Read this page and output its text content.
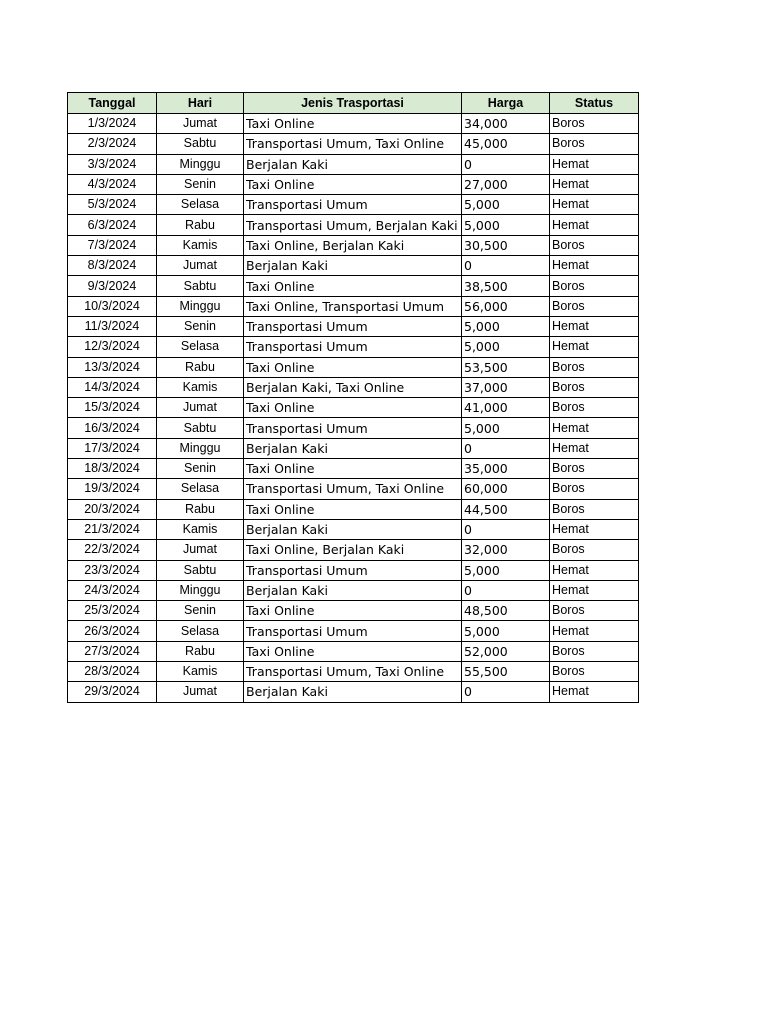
Tanggal	Hari	Jenis Trasportasi	Harga	Status
1/3/2024	Jumat	Taxi Online	34,000	Boros
2/3/2024	Sabtu	Transportasi Umum, Taxi Online	45,000	Boros
3/3/2024	Minggu	Berjalan Kaki	0	Hemat
4/3/2024	Senin	Taxi Online	27,000	Hemat
5/3/2024	Selasa	Transportasi Umum	5,000	Hemat
6/3/2024	Rabu	Transportasi Umum, Berjalan Kaki	5,000	Hemat
7/3/2024	Kamis	Taxi Online, Berjalan Kaki	30,500	Boros
8/3/2024	Jumat	Berjalan Kaki	0	Hemat
9/3/2024	Sabtu	Taxi Online	38,500	Boros
10/3/2024	Minggu	Taxi Online, Transportasi Umum	56,000	Boros
11/3/2024	Senin	Transportasi Umum	5,000	Hemat
12/3/2024	Selasa	Transportasi Umum	5,000	Hemat
13/3/2024	Rabu	Taxi Online	53,500	Boros
14/3/2024	Kamis	Berjalan Kaki, Taxi Online	37,000	Boros
15/3/2024	Jumat	Taxi Online	41,000	Boros
16/3/2024	Sabtu	Transportasi Umum	5,000	Hemat
17/3/2024	Minggu	Berjalan Kaki	0	Hemat
18/3/2024	Senin	Taxi Online	35,000	Boros
19/3/2024	Selasa	Transportasi Umum, Taxi Online	60,000	Boros
20/3/2024	Rabu	Taxi Online	44,500	Boros
21/3/2024	Kamis	Berjalan Kaki	0	Hemat
22/3/2024	Jumat	Taxi Online, Berjalan Kaki	32,000	Boros
23/3/2024	Sabtu	Transportasi Umum	5,000	Hemat
24/3/2024	Minggu	Berjalan Kaki	0	Hemat
25/3/2024	Senin	Taxi Online	48,500	Boros
26/3/2024	Selasa	Transportasi Umum	5,000	Hemat
27/3/2024	Rabu	Taxi Online	52,000	Boros
28/3/2024	Kamis	Transportasi Umum, Taxi Online	55,500	Boros
29/3/2024	Jumat	Berjalan Kaki	0	Hemat
